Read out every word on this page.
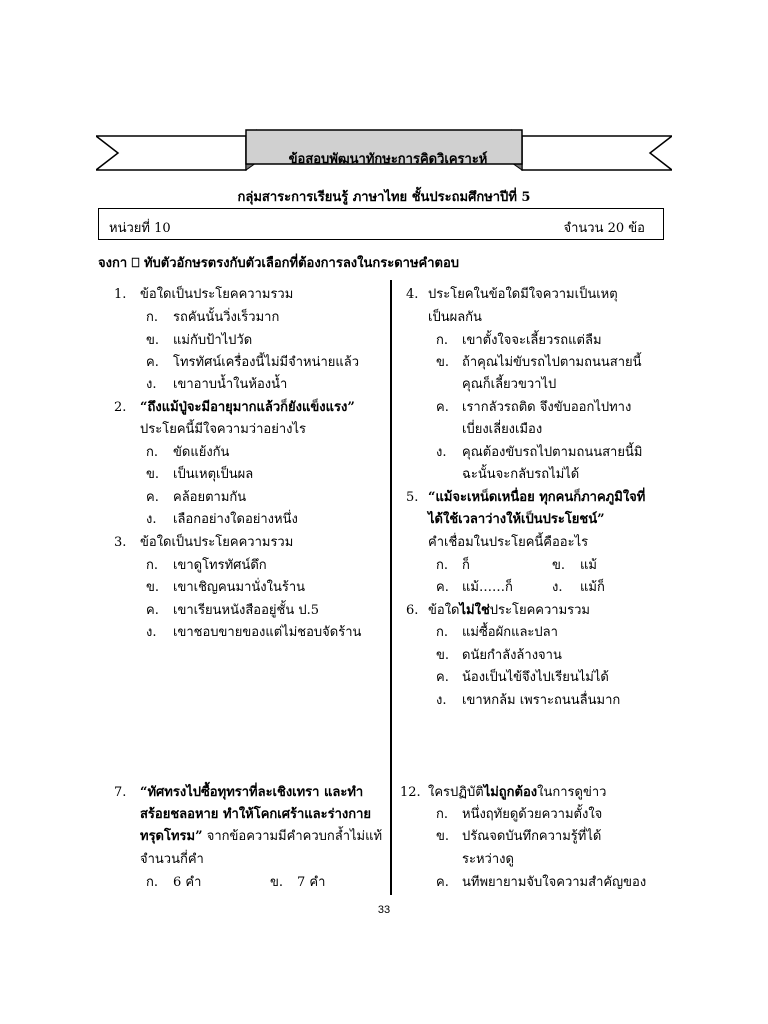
ข้อสอบพัฒนาทักษะการคิดวิเคราะห์
กลุ่มสาระการเรียนรู้ ภาษาไทย ชั้นประถมศึกษาปีที่ 5
หน่วยที่ 10	จำนวน 20 ข้อ
จงกา ⎕ ทับตัวอักษรตรงกับตัวเลือกที่ต้องการลงในกระดาษคำตอบ
1. ข้อใดเป็นประโยคความรวม
ก. รถคันนั้นวิ่งเร็วมาก
ข. แม่กับป้าไปวัด
ค. โทรทัศน์เครื่องนี้ไม่มีจำหน่ายแล้ว
ง. เขาอาบน้ำในห้องน้ำ
2. “ถึงแม้ปู่จะมีอายุมากแล้วก็ยังแข็งแรง”
ประโยคนี้มีใจความว่าอย่างไร
ก. ขัดแย้งกัน
ข. เป็นเหตุเป็นผล
ค. คล้อยตามกัน
ง. เลือกอย่างใดอย่างหนึ่ง
3. ข้อใดเป็นประโยคความรวม
ก. เขาดูโทรทัศน์ดึก
ข. เขาเชิญคนมานั่งในร้าน
ค. เขาเรียนหนังสืออยู่ชั้น ป.5
ง. เขาชอบขายของแต่ไม่ชอบจัดร้าน
7. “ทัศทรงไปซื้อทุทราที่ละเชิงเทรา และทำ
สร้อยชลอหาย ทำให้โคกเศร้าและร่างกาย
ทรุดโทรม” จากข้อความมีคำควบกล้ำไม่แท้
จำนวนกี่คำ
ก. 6 คำ	ข. 7 คำ
4. ประโยคในข้อใดมีใจความเป็นเหตุ
เป็นผลกัน
ก. เขาตั้งใจจะเลี้ยวรถแต่ลืม
ข. ถ้าคุณไม่ขับรถไปตามถนนสายนี้
คุณก็เลี้ยวขวาไป
ค. เรากลัวรถติด จึงขับออกไปทาง
เบี่ยงเลี่ยงเมือง
ง. คุณต้องขับรถไปตามถนนสายนี้มิ
ฉะนั้นจะกลับรถไม่ได้
5. “แม้จะเหน็ดเหนื่อย ทุกคนก็ภาคภูมิใจที่
ได้ใช้เวลาว่างให้เป็นประโยชน์”
คำเชื่อมในประโยคนี้คืออะไร
ก. ก็	ข. แม้
ค. แม้……ก็	ง. แม้ก็
6. ข้อใดไม่ใช่ประโยคความรวม
ก. แม่ซื้อผักและปลา
ข. ดนัยกำลังล้างจาน
ค. น้องเป็นไข้จึงไปเรียนไม่ได้
ง. เขาหกล้ม เพราะถนนลื่นมาก
12. ใครปฏิบัติไม่ถูกต้องในการดูข่าว
ก. หนึ่งฤทัยดูด้วยความตั้งใจ
ข. ปรัณจดบันทึกความรู้ที่ได้
ระหว่างดู
ค. นทีพยายามจับใจความสำคัญของ
33
